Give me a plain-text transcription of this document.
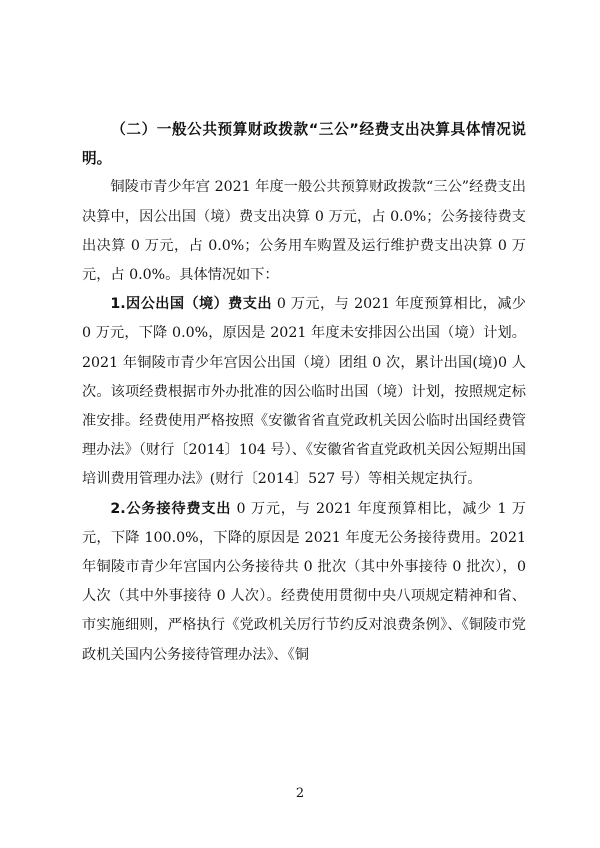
（二）一般公共预算财政拨款“三公”经费支出决算具体情况说明。

铜陵市青少年宫 2021 年度一般公共预算财政拨款“三公”经费支出决算中，因公出国（境）费支出决算 0 万元，占 0.0%；公务接待费支出决算 0 万元，占 0.0%；公务用车购置及运行维护费支出决算 0 万元，占 0.0%。具体情况如下：

1.因公出国（境）费支出 0 万元，与 2021 年度预算相比，减少 0 万元，下降 0.0%，原因是 2021 年度未安排因公出国（境）计划。2021 年铜陵市青少年宫因公出国（境）团组 0 次，累计出国(境)0 人次。该项经费根据市外办批准的因公临时出国（境）计划，按照规定标准安排。经费使用严格按照《安徽省省直党政机关因公临时出国经费管理办法》（财行〔2014〕104 号）、《安徽省省直党政机关因公短期出国培训费用管理办法》(财行〔2014〕527 号）等相关规定执行。

2.公务接待费支出 0 万元，与 2021 年度预算相比，减少 1 万元，下降 100.0%，下降的原因是 2021 年度无公务接待费用。2021 年铜陵市青少年宫国内公务接待共 0 批次（其中外事接待 0 批次），0 人次（其中外事接待 0 人次）。经费使用贯彻中央八项规定精神和省、市实施细则，严格执行《党政机关厉行节约反对浪费条例》、《铜陵市党政机关国内公务接待管理办法》、《铜

2
